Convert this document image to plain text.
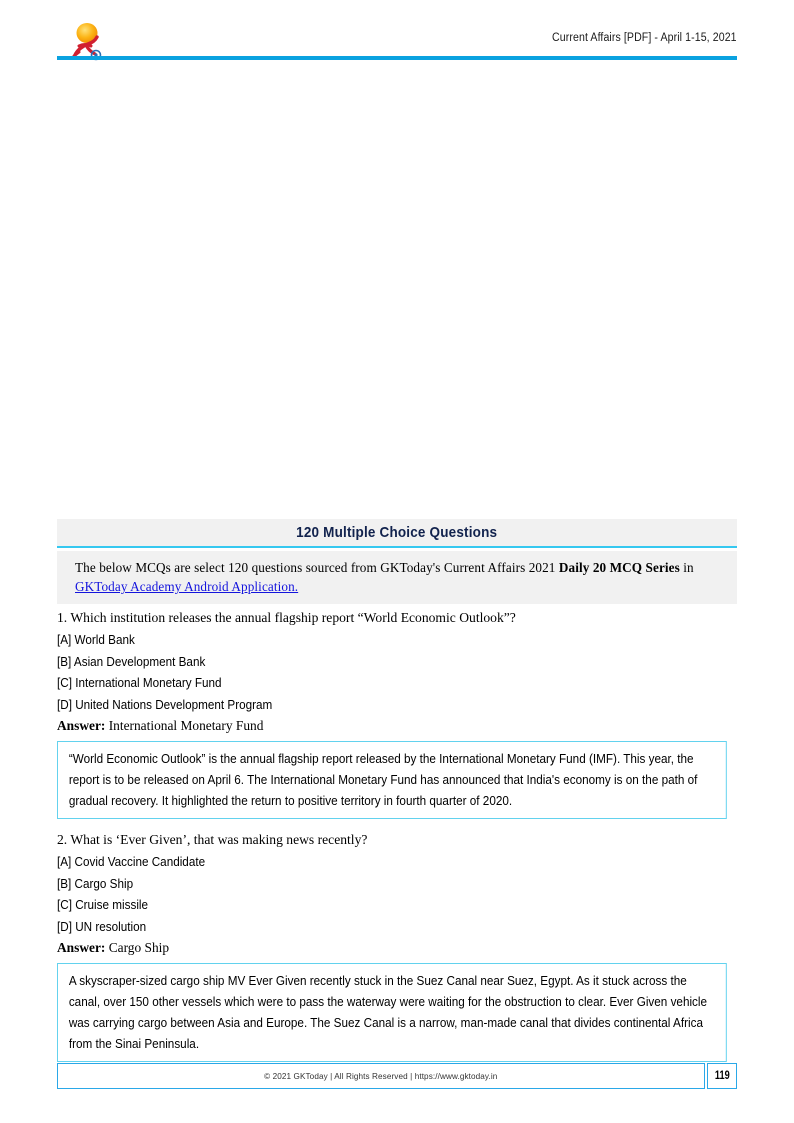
Current Affairs [PDF] - April 1-15, 2021
120 Multiple Choice Questions
The below MCQs are select 120 questions sourced from GKToday's Current Affairs 2021 Daily 20 MCQ Series in GKToday Academy Android Application.

1. Which institution releases the annual flagship report “World Economic Outlook”?

[A] World Bank

[B] Asian Development Bank

[C] International Monetary Fund

[D] United Nations Development Program

Answer: International Monetary Fund

“World Economic Outlook” is the annual flagship report released by the International Monetary Fund (IMF). This year, the report is to be released on April 6. The International Monetary Fund has announced that India's economy is on the path of gradual recovery. It highlighted the return to positive territory in fourth quarter of 2020.

2. What is ‘Ever Given’, that was making news recently?

[A] Covid Vaccine Candidate

[B] Cargo Ship

[C] Cruise missile

[D] UN resolution

Answer: Cargo Ship

A skyscraper-sized cargo ship MV Ever Given recently stuck in the Suez Canal near Suez, Egypt. As it stuck across the canal, over 150 other vessels which were to pass the waterway were waiting for the obstruction to clear. Ever Given vehicle was carrying cargo between Asia and Europe. The Suez Canal is a narrow, man-made canal that divides continental Africa from the Sinai Peninsula.
© 2021 GKToday | All Rights Reserved | https://www.gktoday.in	119
